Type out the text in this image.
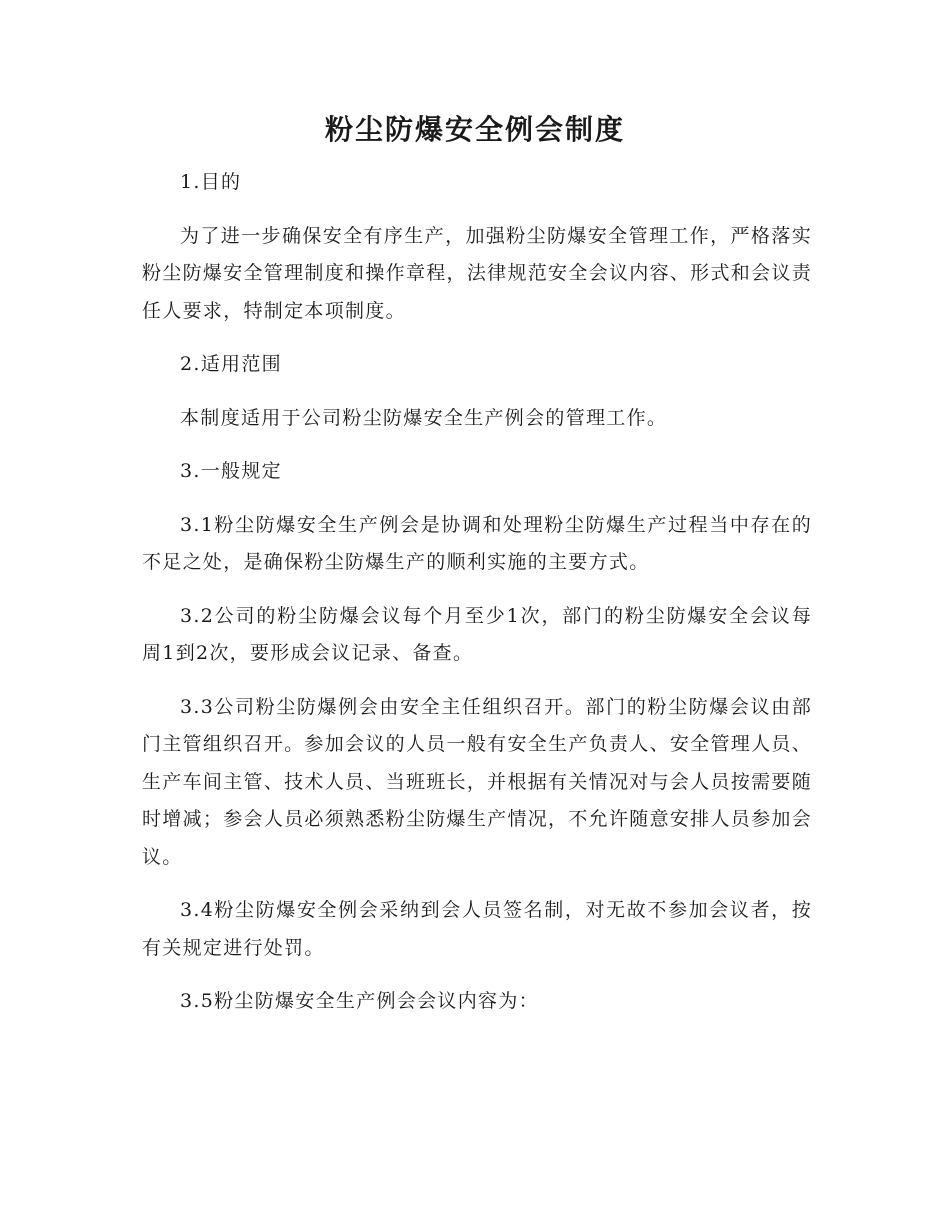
粉尘防爆安全例会制度

1.目的

为了进一步确保安全有序生产，加强粉尘防爆安全管理工作，严格落实粉尘防爆安全管理制度和操作章程，法律规范安全会议内容、形式和会议责任人要求，特制定本项制度。

2.适用范围

本制度适用于公司粉尘防爆安全生产例会的管理工作。

3.一般规定

3.1粉尘防爆安全生产例会是协调和处理粉尘防爆生产过程当中存在的不足之处，是确保粉尘防爆生产的顺利实施的主要方式。

3.2公司的粉尘防爆会议每个月至少1次，部门的粉尘防爆安全会议每周1到2次，要形成会议记录、备查。

3.3公司粉尘防爆例会由安全主任组织召开。部门的粉尘防爆会议由部门主管组织召开。参加会议的人员一般有安全生产负责人、安全管理人员、生产车间主管、技术人员、当班班长，并根据有关情况对与会人员按需要随时增减；参会人员必须熟悉粉尘防爆生产情况，不允许随意安排人员参加会议。

3.4粉尘防爆安全例会采纳到会人员签名制，对无故不参加会议者，按有关规定进行处罚。

3.5粉尘防爆安全生产例会会议内容为：
